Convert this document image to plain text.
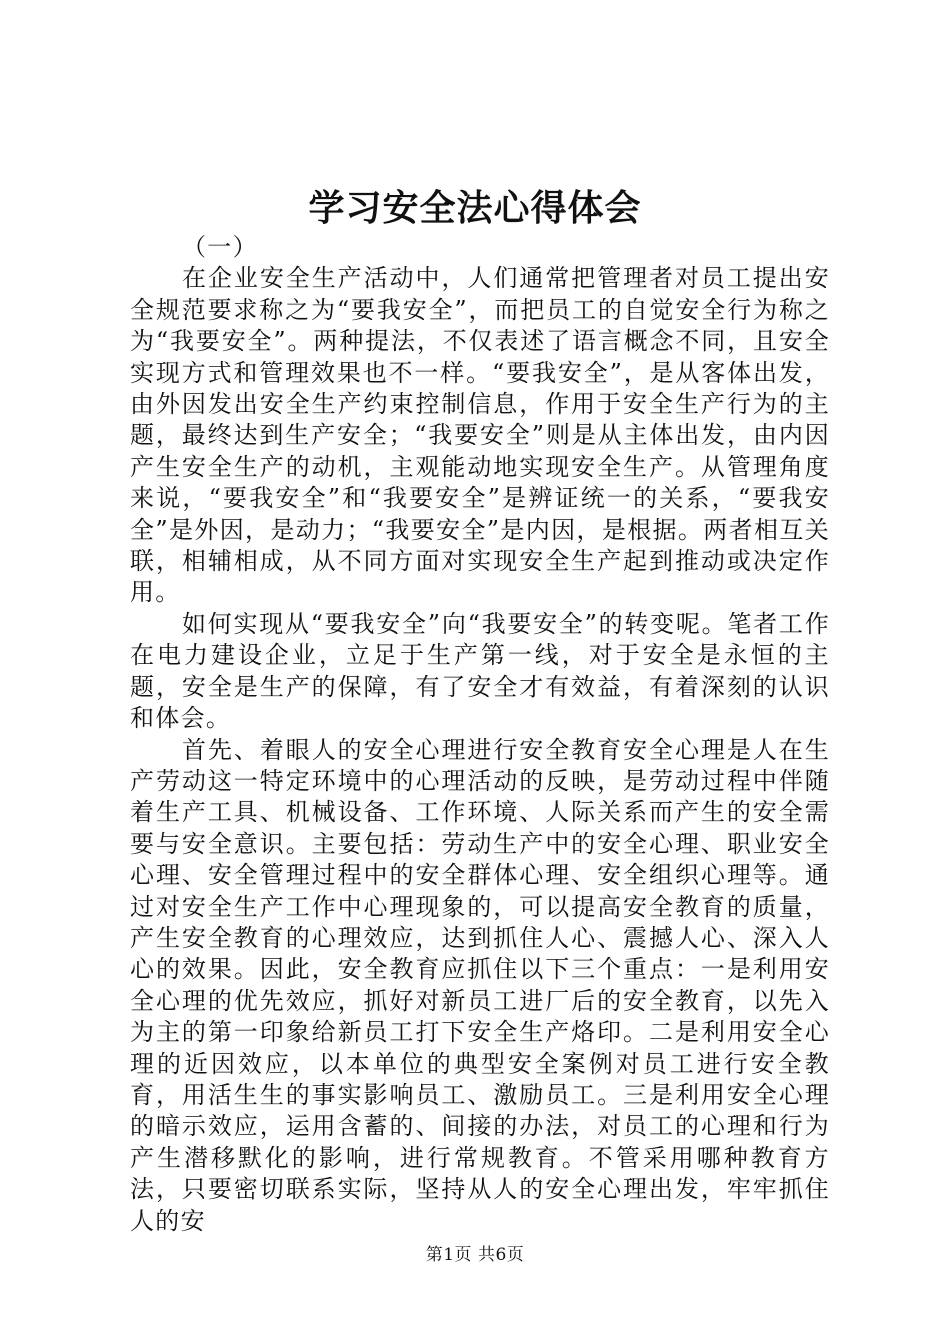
学习安全法心得体会

（一）

在企业安全生产活动中，人们通常把管理者对员工提出安全规范要求称之为“要我安全”，而把员工的自觉安全行为称之为“我要安全”。两种提法，不仅表述了语言概念不同，且安全实现方式和管理效果也不一样。“要我安全”，是从客体出发，由外因发出安全生产约束控制信息，作用于安全生产行为的主题，最终达到生产安全；“我要安全”则是从主体出发，由内因产生安全生产的动机，主观能动地实现安全生产。从管理角度来说，“要我安全”和“我要安全”是辨证统一的关系，“要我安全”是外因，是动力；“我要安全”是内因，是根据。两者相互关联，相辅相成，从不同方面对实现安全生产起到推动或决定作用。

如何实现从“要我安全”向“我要安全”的转变呢。笔者工作在电力建设企业，立足于生产第一线，对于安全是永恒的主题，安全是生产的保障，有了安全才有效益，有着深刻的认识和体会。

首先、着眼人的安全心理进行安全教育安全心理是人在生产劳动这一特定环境中的心理活动的反映，是劳动过程中伴随着生产工具、机械设备、工作环境、人际关系而产生的安全需要与安全意识。主要包括：劳动生产中的安全心理、职业安全心理、安全管理过程中的安全群体心理、安全组织心理等。通过对安全生产工作中心理现象的，可以提高安全教育的质量，产生安全教育的心理效应，达到抓住人心、震撼人心、深入人心的效果。因此，安全教育应抓住以下三个重点：一是利用安全心理的优先效应，抓好对新员工进厂后的安全教育，以先入为主的第一印象给新员工打下安全生产烙印。二是利用安全心理的近因效应，以本单位的典型安全案例对员工进行安全教育，用活生生的事实影响员工、激励员工。三是利用安全心理的暗示效应，运用含蓄的、间接的办法，对员工的心理和行为产生潜移默化的影响，进行常规教育。不管采用哪种教育方法，只要密切联系实际，坚持从人的安全心理出发，牢牢抓住人的安

第1页 共6页
